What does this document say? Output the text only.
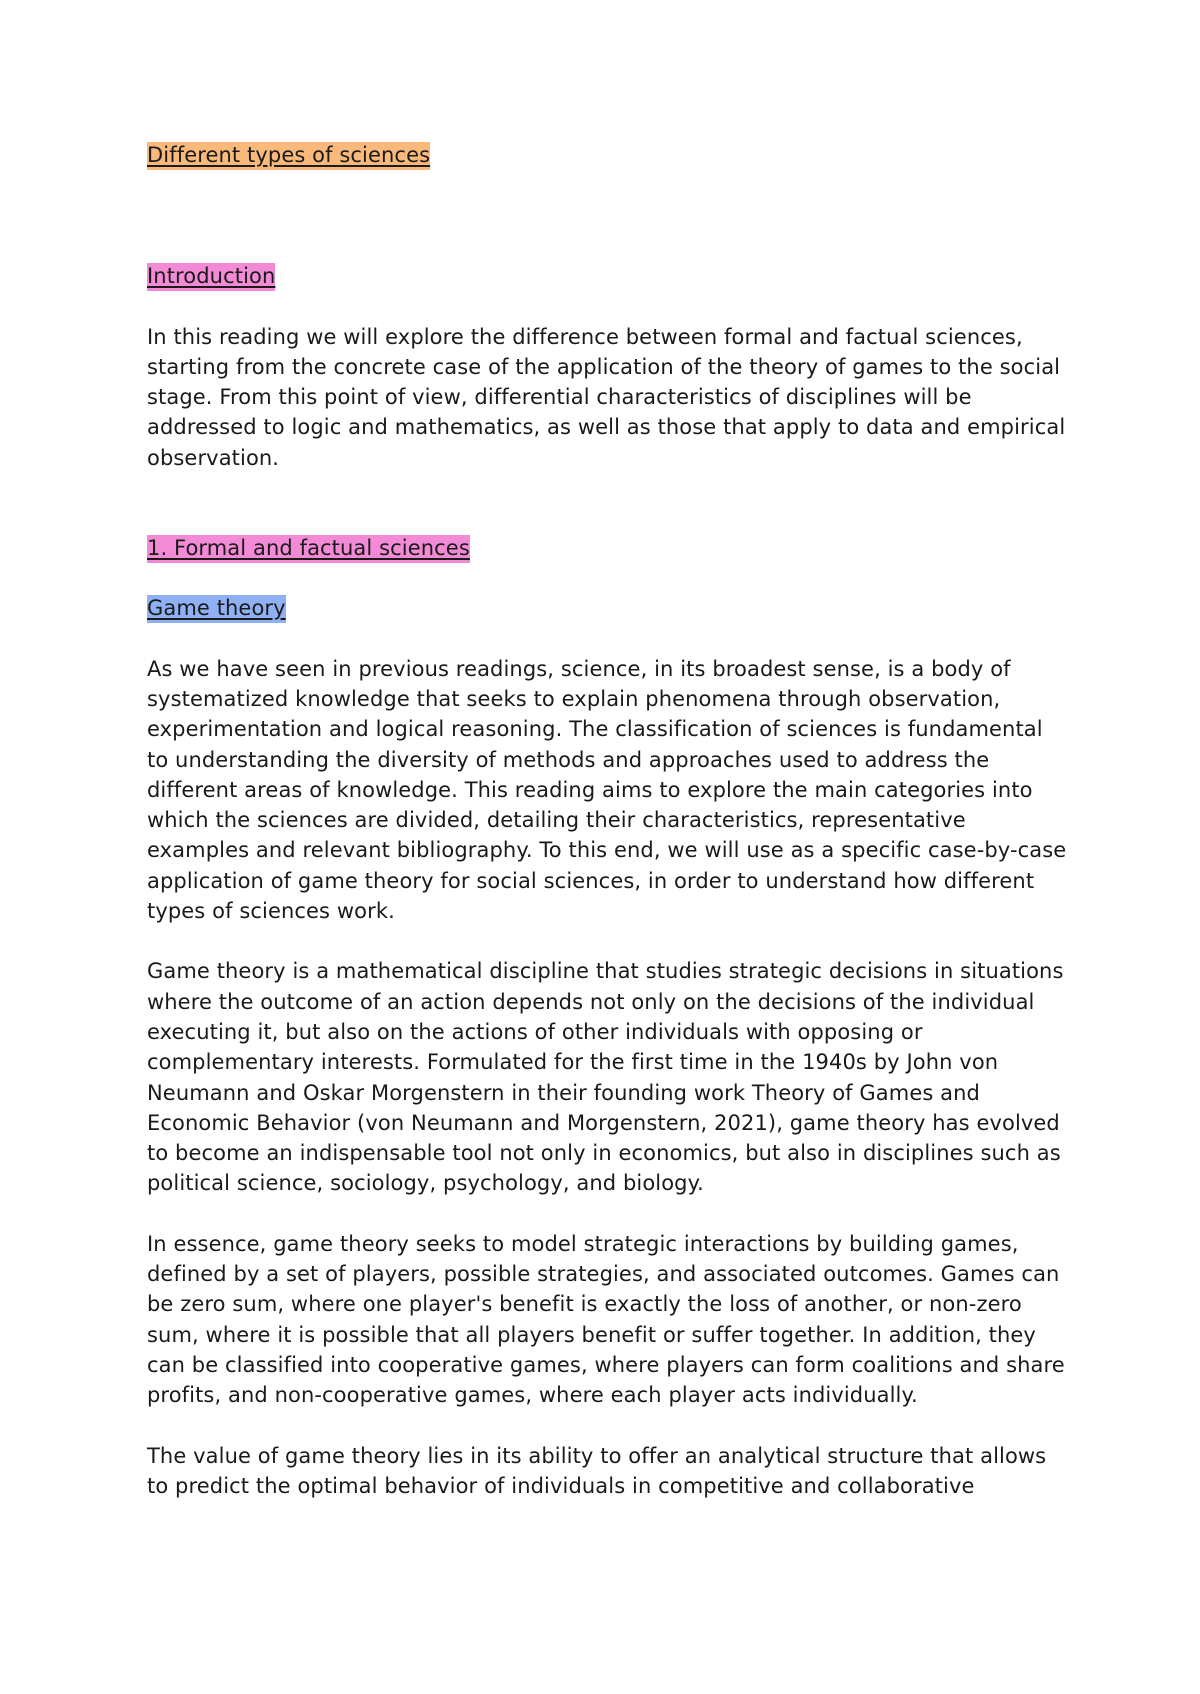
Different types of sciences

Introduction

In this reading we will explore the difference between formal and factual sciences, starting from the concrete case of the application of the theory of games to the social stage. From this point of view, differential characteristics of disciplines will be addressed to logic and mathematics, as well as those that apply to data and empirical observation.

1. Formal and factual sciences

Game theory

As we have seen in previous readings, science, in its broadest sense, is a body of systematized knowledge that seeks to explain phenomena through observation, experimentation and logical reasoning. The classification of sciences is fundamental to understanding the diversity of methods and approaches used to address the different areas of knowledge. This reading aims to explore the main categories into which the sciences are divided, detailing their characteristics, representative examples and relevant bibliography. To this end, we will use as a specific case-by-case application of game theory for social sciences, in order to understand how different types of sciences work.

Game theory is a mathematical discipline that studies strategic decisions in situations where the outcome of an action depends not only on the decisions of the individual executing it, but also on the actions of other individuals with opposing or complementary interests. Formulated for the first time in the 1940s by John von Neumann and Oskar Morgenstern in their founding work Theory of Games and Economic Behavior (von Neumann and Morgenstern, 2021), game theory has evolved to become an indispensable tool not only in economics, but also in disciplines such as political science, sociology, psychology, and biology.

In essence, game theory seeks to model strategic interactions by building games, defined by a set of players, possible strategies, and associated outcomes. Games can be zero sum, where one player's benefit is exactly the loss of another, or non-zero sum, where it is possible that all players benefit or suffer together. In addition, they can be classified into cooperative games, where players can form coalitions and share profits, and non-cooperative games, where each player acts individually.

The value of game theory lies in its ability to offer an analytical structure that allows to predict the optimal behavior of individuals in competitive and collaborative
